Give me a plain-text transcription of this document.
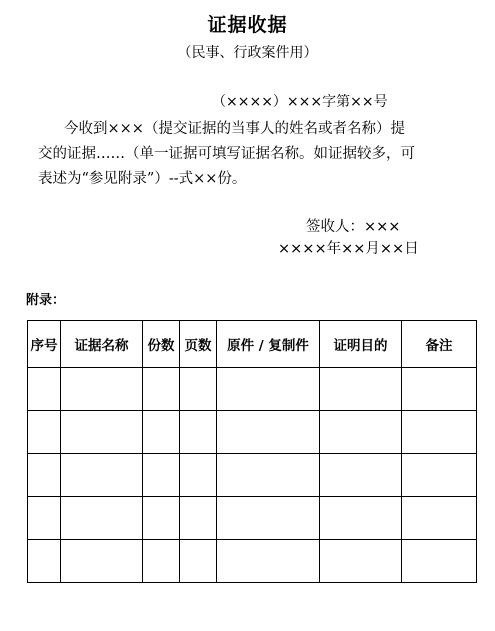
证据收据
（民事、行政案件用）
（××××）×××字第××号
今收到×××（提交证据的当事人的姓名或者名称）提
交的证据……（单一证据可填写证据名称。如证据较多，可
表述为“参见附录”）--式××份。
签收人：×××
××××年××月××日
附录：
序号	证据名称	份数	页数	原件 / 复制件	证明目的	备注
